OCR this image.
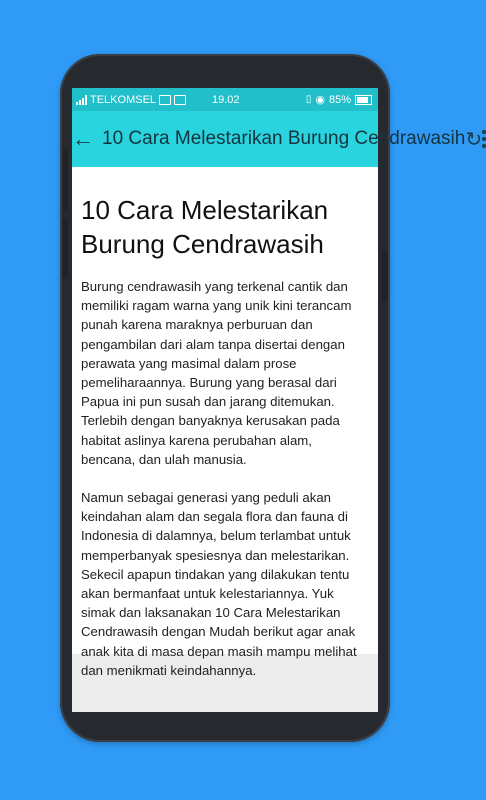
TELKOMSEL	19.02	▯ ◉ 85%
← 10 Cara Melestarikan Burung Cendrawasih ↻
10 Cara Melestarikan Burung Cendrawasih

Burung cendrawasih yang terkenal cantik dan memiliki ragam warna yang unik kini terancam punah karena maraknya perburuan dan pengambilan dari alam tanpa disertai dengan perawata yang masimal dalam prose pemeliharaannya. Burung yang berasal dari Papua ini pun susah dan jarang ditemukan. Terlebih dengan banyaknya kerusakan pada habitat aslinya karena perubahan alam, bencana, dan ulah manusia.

Namun sebagai generasi yang peduli akan keindahan alam dan segala flora dan fauna di Indonesia di dalamnya, belum terlambat untuk memperbanyak spesiesnya dan melestarikan. Sekecil apapun tindakan yang dilakukan tentu akan bermanfaat untuk kelestariannya. Yuk simak dan laksanakan 10 Cara Melestarikan Cendrawasih dengan Mudah berikut agar anak anak kita di masa depan masih mampu melihat dan menikmati keindahannya.
